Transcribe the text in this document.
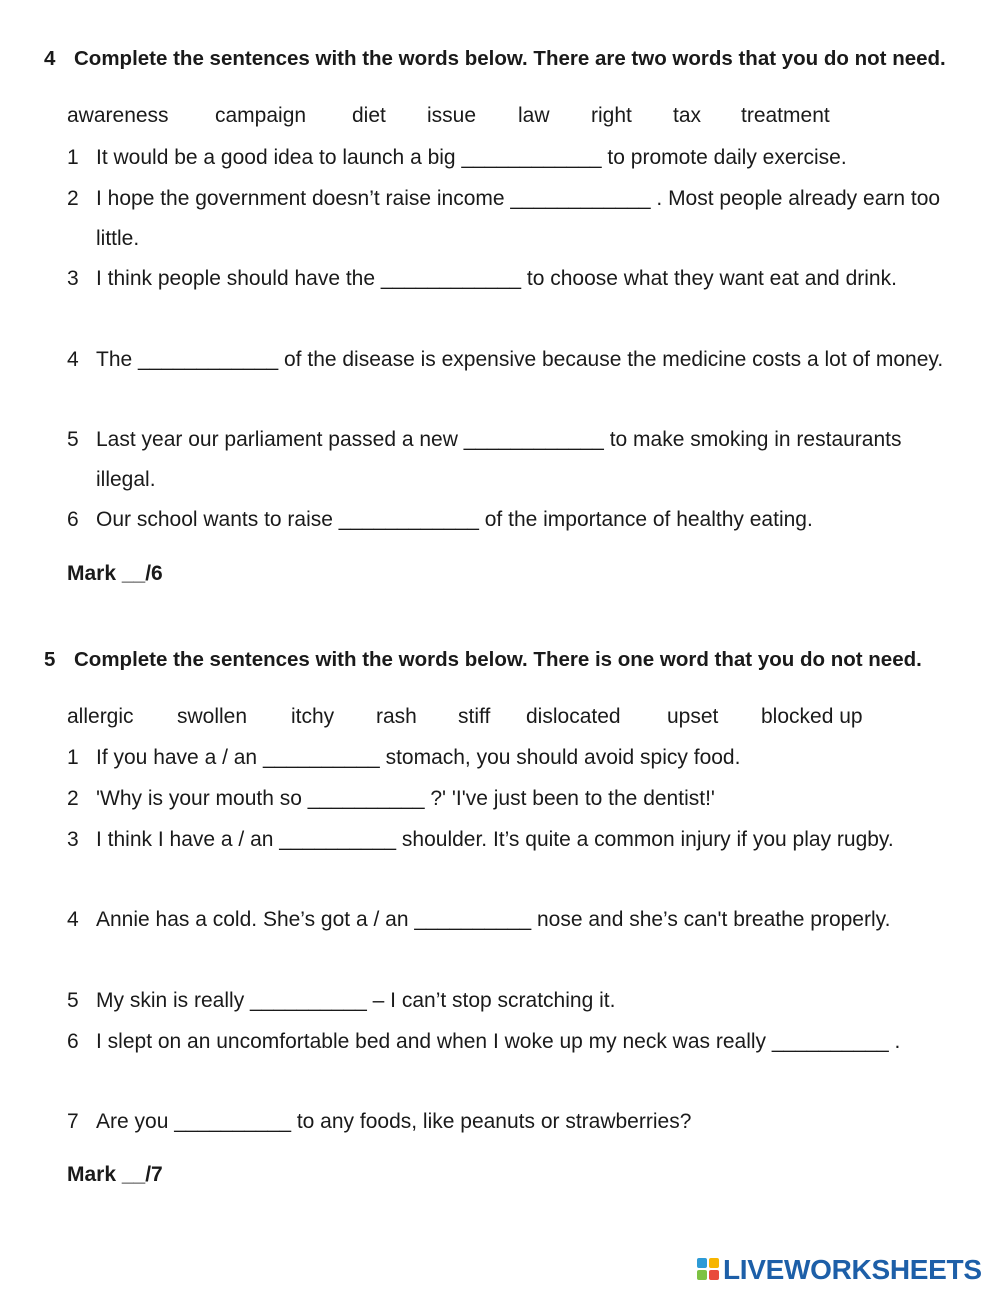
4 Complete the sentences with the words below. There are two words that you do not need.
awareness campaign diet issue law right tax treatment
1 It would be a good idea to launch a big ____________ to promote daily exercise.
2 I hope the government doesn’t raise income ____________ . Most people already earn too little.
3 I think people should have the ____________ to choose what they want eat and drink.
4 The ____________ of the disease is expensive because the medicine costs a lot of money.
5 Last year our parliament passed a new ____________ to make smoking in restaurants illegal.
6 Our school wants to raise ____________ of the importance of healthy eating.
Mark __/6
5 Complete the sentences with the words below. There is one word that you do not need.
allergic swollen itchy rash stiff dislocated upset blocked up
1 If you have a / an __________ stomach, you should avoid spicy food.
2 'Why is your mouth so __________ ?' 'I've just been to the dentist!'
3 I think I have a / an __________ shoulder. It’s quite a common injury if you play rugby.
4 Annie has a cold. She’s got a / an __________ nose and she’s can't breathe properly.
5 My skin is really __________ – I can’t stop scratching it.
6 I slept on an uncomfortable bed and when I woke up my neck was really __________ .
7 Are you __________ to any foods, like peanuts or strawberries?
Mark __/7
LIVEWORKSHEETS
